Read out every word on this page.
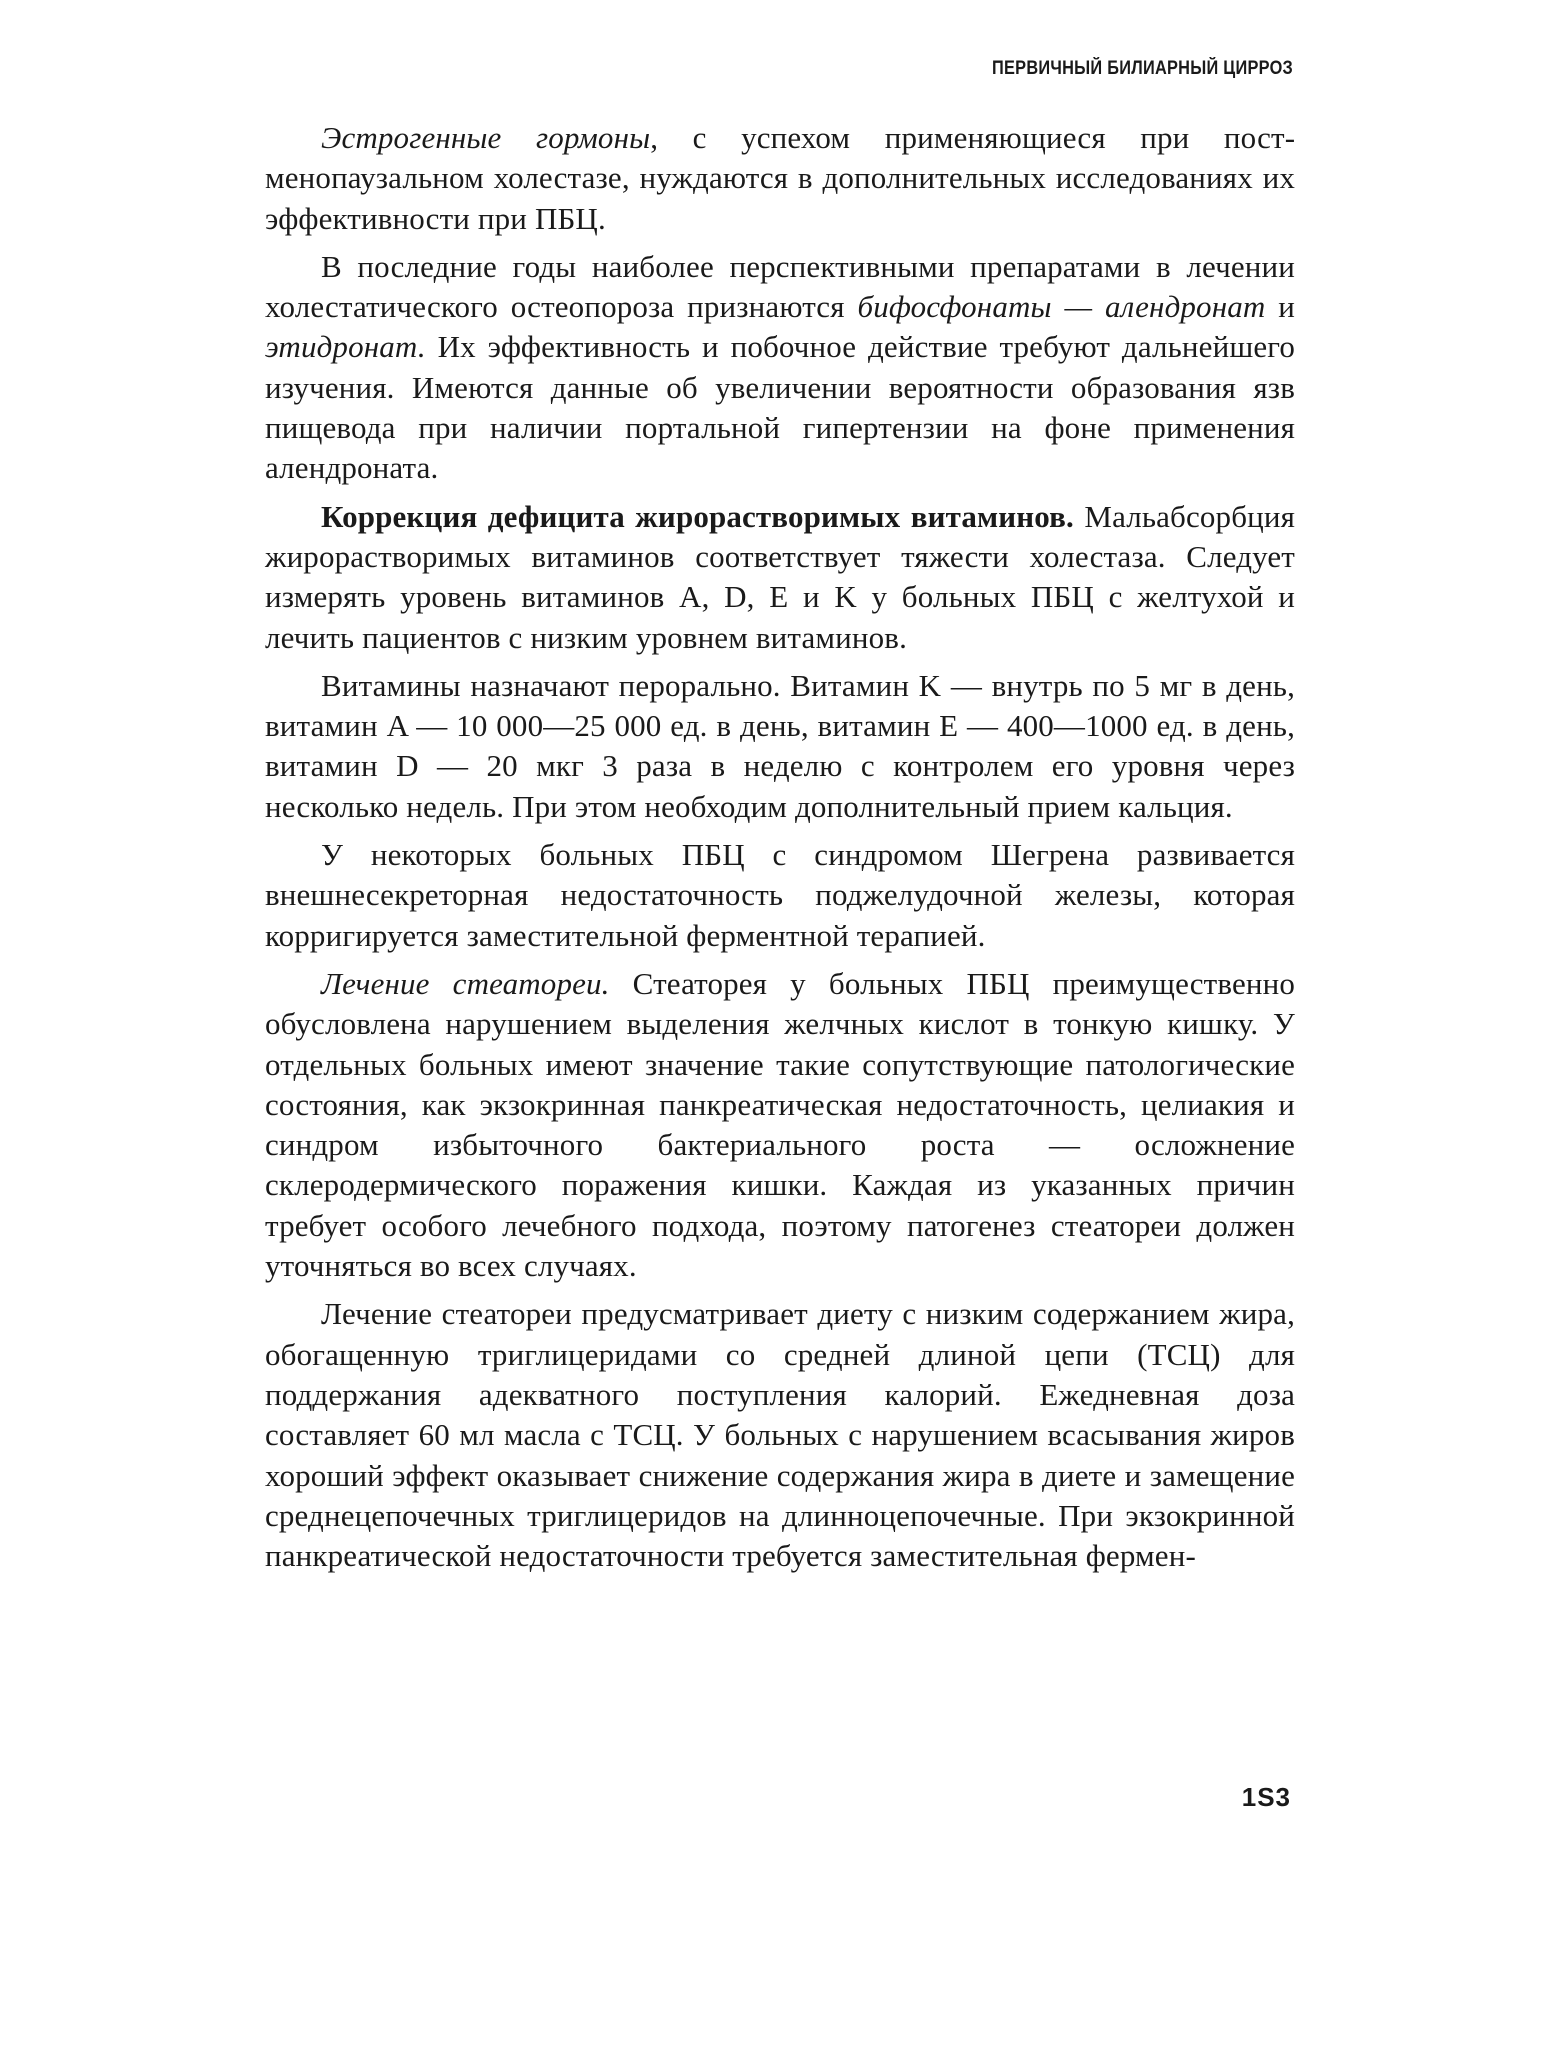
ПЕРВИЧНЫЙ БИЛИАРНЫЙ ЦИРРОЗ

Эстрогенные гормоны, с успехом применяющиеся при постменопаузальном холестазе, нуждаются в дополнительных исследованиях их эффективности при ПБЦ.

В последние годы наиболее перспективными препаратами в лечении холестатического остеопороза признаются бифосфонаты — алендронат и этидронат. Их эффективность и побочное действие требуют дальнейшего изучения. Имеются данные об увеличении вероятности образования язв пищевода при наличии портальной гипертензии на фоне применения алендроната.

Коррекция дефицита жирорастворимых витаминов. Мальабсорбция жирорастворимых витаминов соответствует тяжести холестаза. Следует измерять уровень витаминов A, D, E и K у больных ПБЦ с желтухой и лечить пациентов с низким уровнем витаминов.

Витамины назначают перорально. Витамин K — внутрь по 5 мг в день, витамин A — 10 000—25 000 ед. в день, витамин E — 400—1000 ед. в день, витамин D — 20 мкг 3 раза в неделю с контролем его уровня через несколько недель. При этом необходим дополнительный прием кальция.

У некоторых больных ПБЦ с синдромом Шегрена развивается внешнесекреторная недостаточность поджелудочной железы, которая корригируется заместительной ферментной терапией.

Лечение стеатореи. Стеаторея у больных ПБЦ преимущественно обусловлена нарушением выделения желчных кислот в тонкую кишку. У отдельных больных имеют значение такие сопутствующие патологические состояния, как экзокринная панкреатическая недостаточность, целиакия и синдром избыточного бактериального роста — осложнение склеродермического поражения кишки. Каждая из указанных причин требует особого лечебного подхода, поэтому патогенез стеатореи должен уточняться во всех случаях.

Лечение стеатореи предусматривает диету с низким содержанием жира, обогащенную триглицеридами со средней длиной цепи (ТСЦ) для поддержания адекватного поступления калорий. Ежедневная доза составляет 60 мл масла с ТСЦ. У больных с нарушением всасывания жиров хороший эффект оказывает снижение содержания жира в диете и замещение среднецепочечных триглицеридов на длинноцепочечные. При экзокринной панкреатической недостаточности требуется заместительная фермен-

1S3
